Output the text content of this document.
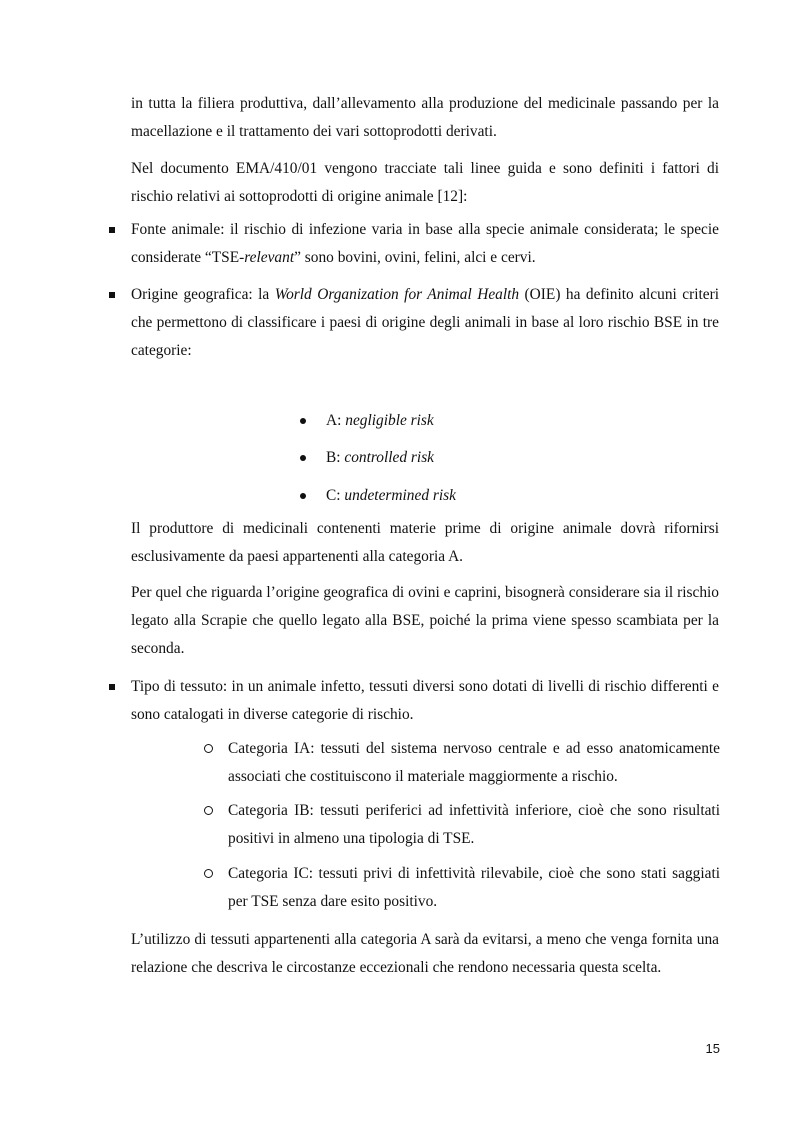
in tutta la filiera produttiva, dall’allevamento alla produzione del medicinale passando per la macellazione e il trattamento dei vari sottoprodotti derivati.

Nel documento EMA/410/01 vengono tracciate tali linee guida e sono definiti i fattori di rischio relativi ai sottoprodotti di origine animale [12]:

Fonte animale: il rischio di infezione varia in base alla specie animale considerata; le specie considerate “TSE-relevant” sono bovini, ovini, felini, alci e cervi.

Origine geografica: la World Organization for Animal Health (OIE) ha definito alcuni criteri che permettono di classificare i paesi di origine degli animali in base al loro rischio BSE in tre categorie:

A: negligible risk
B: controlled risk
C: undetermined risk

Il produttore di medicinali contenenti materie prime di origine animale dovrà rifornirsi esclusivamente da paesi appartenenti alla categoria A.

Per quel che riguarda l’origine geografica di ovini e caprini, bisognerà considerare sia il rischio legato alla Scrapie che quello legato alla BSE, poiché la prima viene spesso scambiata per la seconda.

Tipo di tessuto: in un animale infetto, tessuti diversi sono dotati di livelli di rischio differenti e sono catalogati in diverse categorie di rischio.

Categoria IA: tessuti del sistema nervoso centrale e ad esso anatomicamente associati che costituiscono il materiale maggiormente a rischio.
Categoria IB: tessuti periferici ad infettività inferiore, cioè che sono risultati positivi in almeno una tipologia di TSE.
Categoria IC: tessuti privi di infettività rilevabile, cioè che sono stati saggiati per TSE senza dare esito positivo.

L’utilizzo di tessuti appartenenti alla categoria A sarà da evitarsi, a meno che venga fornita una relazione che descriva le circostanze eccezionali che rendono necessaria questa scelta.

15
